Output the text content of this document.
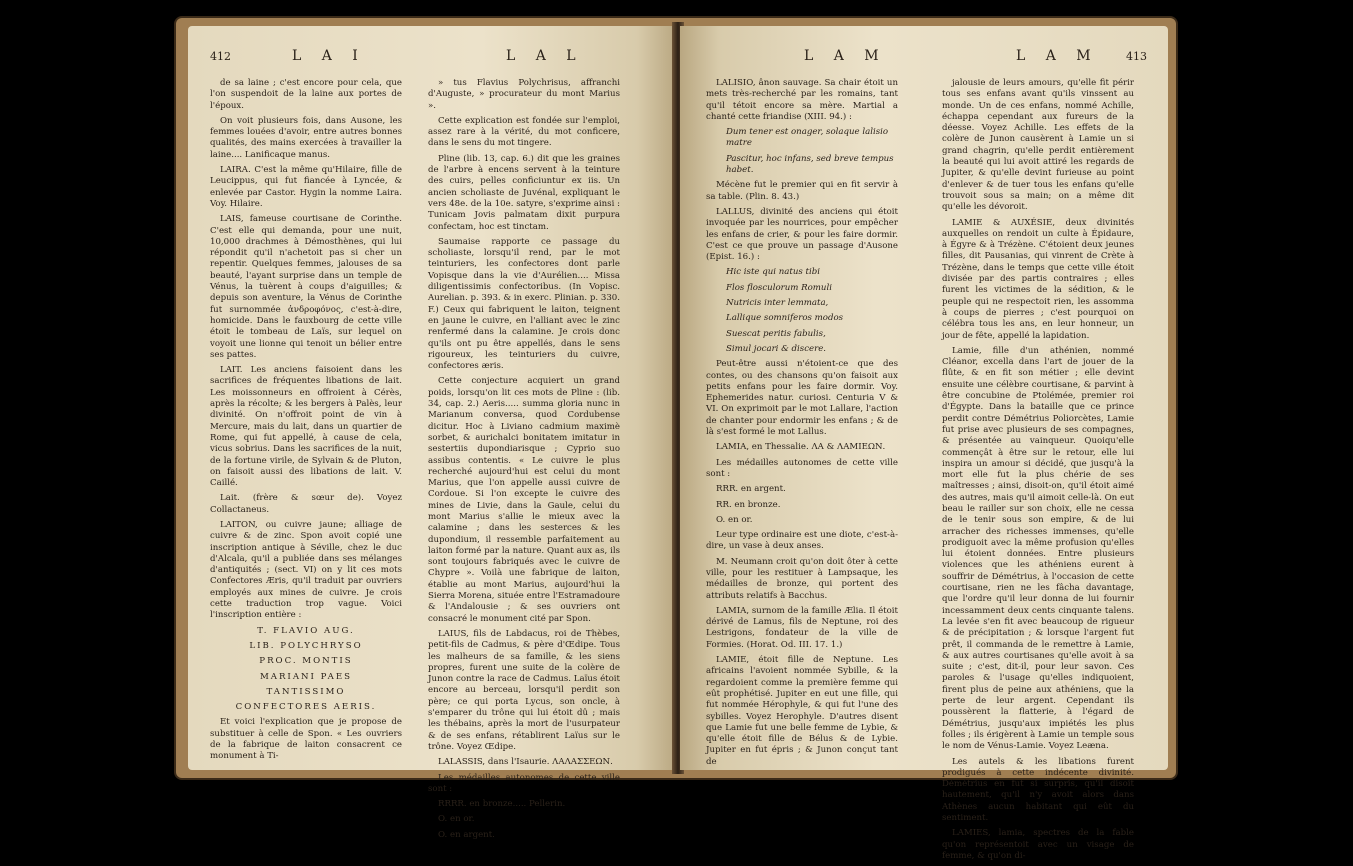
412	L A I	L A L

de sa laine ; c'est encore pour cela, que l'on suspendoit de la laine aux portes de l'époux.

On voit plusieurs fois, dans Ausone, les femmes louées d'avoir, entre autres bonnes qualités, des mains exercées à travailler la laine.... Lanificaque manus.

LAIRA. C'est la même qu'Hilaire, fille de Leucippus, qui fut fiancée à Lyncée, & enlevée par Castor. Hygin la nomme Laira. Voy. Hilaire.

LAIS, fameuse courtisane de Corinthe. C'est elle qui demanda, pour une nuit, 10,000 drachmes à Démosthènes, qui lui répondit qu'il n'achetoit pas si cher un repentir. Quelques femmes, jalouses de sa beauté, l'ayant surprise dans un temple de Vénus, la tuèrent à coups d'aiguilles; & depuis son aventure, la Vénus de Corinthe fut surnommée ἀνδροφόνος, c'est-à-dire, homicide. Dans le fauxbourg de cette ville étoit le tombeau de Laïs, sur lequel on voyoit une lionne qui tenoit un bélier entre ses pattes.

LAIT. Les anciens faisoient dans les sacrifices de fréquentes libations de lait. Les moissonneurs en offroient à Cérès, après la récolte; & les bergers à Palès, leur divinité. On n'offroit point de vin à Mercure, mais du lait, dans un quartier de Rome, qui fut appellé, à cause de cela, vicus sobrius. Dans les sacrifices de la nuit, de la fortune virile, de Sylvain & de Pluton, on faisoit aussi des libations de lait. V. Caillé.

Lait. (frère & sœur de). Voyez Collactaneus.

LAITON, ou cuivre jaune; alliage de cuivre & de zinc. Spon avoit copié une inscription antique à Séville, chez le duc d'Alcala, qu'il a publiée dans ses mélanges d'antiquités ; (sect. VI) on y lit ces mots Confectores Æris, qu'il traduit par ouvriers employés aux mines de cuivre. Je crois cette traduction trop vague. Voici l'inscription entière :

T. FLAVIO AUG.

LIB. POLYCHRYSO

PROC. MONTIS

MARIANI PAES

TANTISSIMO

CONFECTORES AERIS.

Et voici l'explication que je propose de substituer à celle de Spon. « Les ouvriers de la fabrique de laiton consacrent ce monument à Ti-

» tus Flavius Polychrisus, affranchi d'Auguste, » procurateur du mont Marius ».

Cette explication est fondée sur l'emploi, assez rare à la vérité, du mot conficere, dans le sens du mot tingere.

Pline (lib. 13, cap. 6.) dit que les graines de l'arbre à encens servent à la teinture des cuirs, pelles conficiuntur ex iis. Un ancien scholiaste de Juvénal, expliquant le vers 48e. de la 10e. satyre, s'exprime ainsi : Tunicam Jovis palmatam dixit purpura confectam, hoc est tinctam.

Saumaise rapporte ce passage du scholiaste, lorsqu'il rend, par le mot teinturiers, les confectores dont parle Vopisque dans la vie d'Aurélien.... Missa diligentissimis confectoribus. (In Vopisc. Aurelian. p. 393. & in exerc. Plinian. p. 330. F.) Ceux qui fabriquent le laiton, teignent en jaune le cuivre, en l'alliant avec le zinc renfermé dans la calamine. Je crois donc qu'ils ont pu être appellés, dans le sens rigoureux, les teinturiers du cuivre, confectores æris.

Cette conjecture acquiert un grand poids, lorsqu'on lit ces mots de Pline : (lib. 34, cap. 2.) Aeris..... summa gloria nunc in Marianum conversa, quod Cordubense dicitur. Hoc à Liviano cadmium maximè sorbet, & aurichalci bonitatem imitatur in sestertiis dupondiarisque ; Cyprio suo assibus contentis. « Le cuivre le plus recherché aujourd'hui est celui du mont Marius, que l'on appelle aussi cuivre de Cordoue. Si l'on excepte le cuivre des mines de Livie, dans la Gaule, celui du mont Marius s'allie le mieux avec la calamine ; dans les sesterces & les dupondium, il ressemble parfaitement au laiton formé par la nature. Quant aux as, ils sont toujours fabriqués avec le cuivre de Chypre ». Voilà une fabrique de laiton, établie au mont Marius, aujourd'hui la Sierra Morena, située entre l'Estramadoure & l'Andalousie ; & ses ouvriers ont consacré le monument cité par Spon.

LAIUS, fils de Labdacus, roi de Thèbes, petit-fils de Cadmus, & père d'Œdipe. Tous les malheurs de sa famille, & les siens propres, furent une suite de la colère de Junon contre la race de Cadmus. Laïus étoit encore au berceau, lorsqu'il perdit son père; ce qui porta Lycus, son oncle, à s'emparer du trône qui lui étoit dû ; mais les thébains, après la mort de l'usurpateur & de ses enfans, rétablirent Laïus sur le trône. Voyez Œdipe.

LALASSIS, dans l'Isaurie. ΛΑΛΑΣΣΕΩΝ.

Les médailles autonomes de cette ville sont :

RRRR. en bronze..... Pellerin.

O. en or.

O. en argent.

L A M	L A M 413

LALISIO, ânon sauvage. Sa chair étoit un mets très-recherché par les romains, tant qu'il tétoit encore sa mère. Martial a chanté cette friandise (XIII. 94.) :

Dum tener est onager, solaque lalisio matre

Pascitur, hoc infans, sed breve tempus habet.

Mécène fut le premier qui en fit servir à sa table. (Plin. 8. 43.)

LALLUS, divinité des anciens qui étoit invoquée par les nourrices, pour empêcher les enfans de crier, & pour les faire dormir. C'est ce que prouve un passage d'Ausone (Epist. 16.) :

Hic iste qui natus tibi

Flos flosculorum Romuli

Nutricis inter lemmata,

Lallique somniferos modos

Suescat peritis fabulis,

Simul jocari & discere.

Peut-être aussi n'étoient-ce que des contes, ou des chansons qu'on faisoit aux petits enfans pour les faire dormir. Voy. Ephemerides natur. curiosi. Centuria V & VI. On exprimoit par le mot Lallare, l'action de chanter pour endormir les enfans ; & de là s'est formé le mot Lallus.

LAMIA, en Thessalie. ΛΑ & ΛΑΜΙΕΩΝ.

Les médailles autonomes de cette ville sont :

RRR. en argent.

RR. en bronze.

O. en or.

Leur type ordinaire est une diote, c'est-à-dire, un vase à deux anses.

M. Neumann croit qu'on doit ôter à cette ville, pour les restituer à Lampsaque, les médailles de bronze, qui portent des attributs relatifs à Bacchus.

LAMIA, surnom de la famille Ælia. Il étoit dérivé de Lamus, fils de Neptune, roi des Lestrigons, fondateur de la ville de Formies. (Horat. Od. III. 17. 1.)

LAMIE, étoit fille de Neptune. Les africains l'avoient nommée Sybille, & la regardoient comme la première femme qui eût prophétisé. Jupiter en eut une fille, qui fut nommée Hérophyle, & qui fut l'une des sybilles. Voyez Herophyle. D'autres disent que Lamie fut une belle femme de Lybie, & qu'elle étoit fille de Bélus & de Lybie. Jupiter en fut épris ; & Junon conçut tant de

jalousie de leurs amours, qu'elle fit périr tous ses enfans avant qu'ils vinssent au monde. Un de ces enfans, nommé Achille, échappa cependant aux fureurs de la déesse. Voyez Achille. Les effets de la colère de Junon causèrent à Lamie un si grand chagrin, qu'elle perdit entièrement la beauté qui lui avoit attiré les regards de Jupiter, & qu'elle devint furieuse au point d'enlever & de tuer tous les enfans qu'elle trouvoit sous sa main; on a même dit qu'elle les dévoroit.

LAMIE & AUXÉSIE, deux divinités auxquelles on rendoit un culte à Épidaure, à Égyre & à Trézène. C'étoient deux jeunes filles, dit Pausanias, qui vinrent de Crète à Trézène, dans le temps que cette ville étoit divisée par des partis contraires ; elles furent les victimes de la sédition, & le peuple qui ne respectoit rien, les assomma à coups de pierres ; c'est pourquoi on célébra tous les ans, en leur honneur, un jour de fête, appellé la lapidation.

Lamie, fille d'un athénien, nommé Cléanor, excella dans l'art de jouer de la flûte, & en fit son métier ; elle devint ensuite une célèbre courtisane, & parvint à être concubine de Ptolémée, premier roi d'Égypte. Dans la bataille que ce prince perdit contre Démétrius Poliorcètes, Lamie fut prise avec plusieurs de ses compagnes, & présentée au vainqueur. Quoiqu'elle commençât à être sur le retour, elle lui inspira un amour si décidé, que jusqu'à la mort elle fut la plus chérie de ses maîtresses ; ainsi, disoit-on, qu'il étoit aimé des autres, mais qu'il aimoit celle-là. On eut beau le railler sur son choix, elle ne cessa de le tenir sous son empire, & de lui arracher des richesses immenses, qu'elle prodiguoit avec la même profusion qu'elles lui étoient données. Entre plusieurs violences que les athéniens eurent à souffrir de Démétrius, à l'occasion de cette courtisane, rien ne les fâcha davantage, que l'ordre qu'il leur donna de lui fournir incessamment deux cents cinquante talens. La levée s'en fit avec beaucoup de rigueur & de précipitation ; & lorsque l'argent fut prêt, il commanda de le remettre à Lamie, & aux autres courtisanes qu'elle avoit à sa suite ; c'est, dit-il, pour leur savon. Ces paroles & l'usage qu'elles indiquoient, firent plus de peine aux athéniens, que la perte de leur argent. Cependant ils poussèrent la flatterie, à l'égard de Démétrius, jusqu'aux impiétés les plus folles ; ils érigèrent à Lamie un temple sous le nom de Vénus-Lamie. Voyez Leæna.

Les autels & les libations furent prodigués à cette indécente divinité. Démétrius en fut si surpris, qu'il disoit hautement, qu'il n'y avoit alors dans Athènes aucun habitant qui eût du sentiment.

LAMIES, lamia, spectres de la fable qu'on représentoit avec un visage de femme, & qu'on di-
